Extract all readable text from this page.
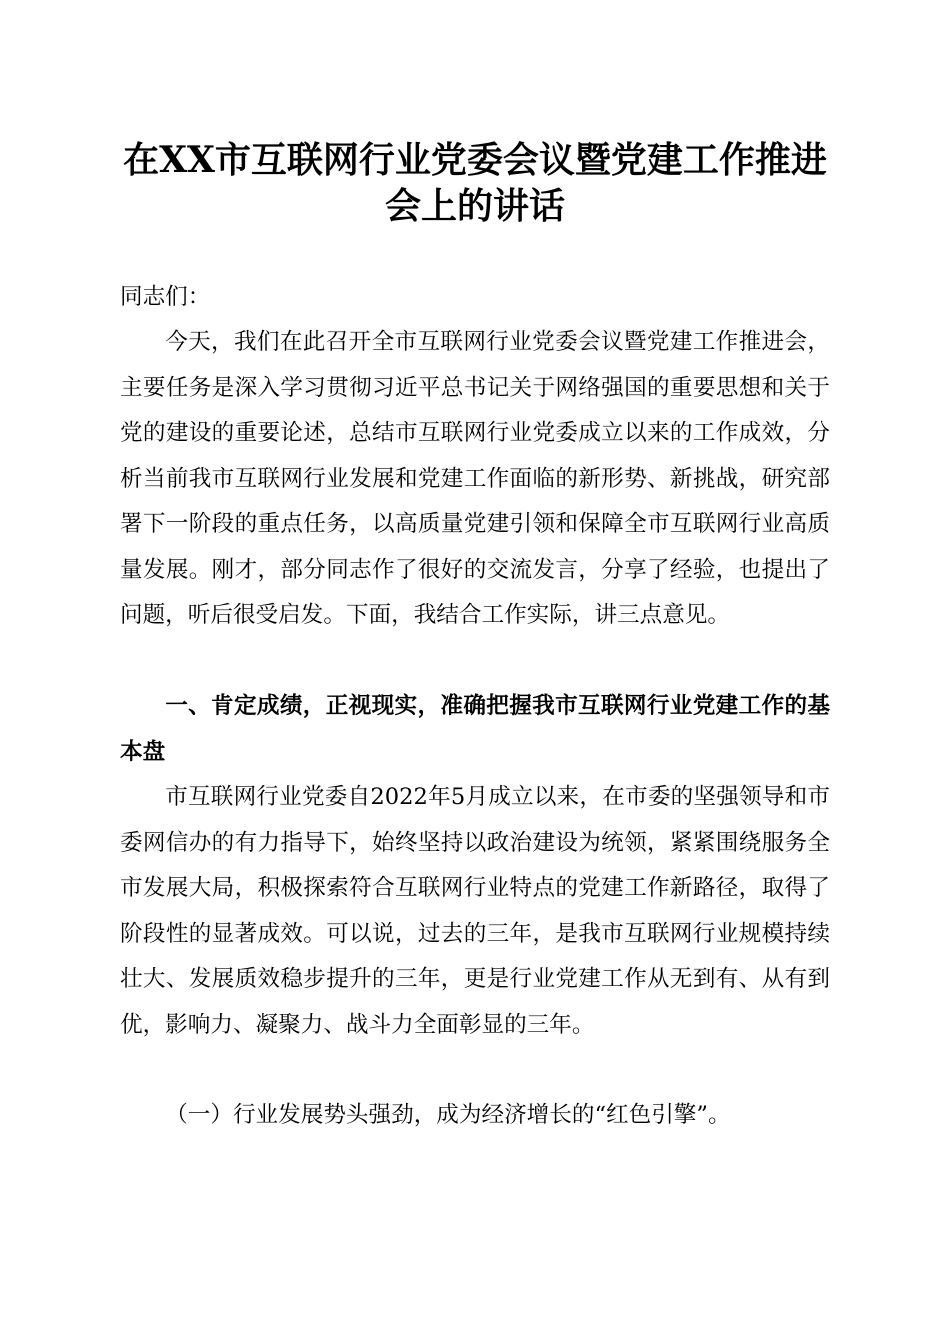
在XX市互联网行业党委会议暨党建工作推进
会上的讲话

同志们：

今天，我们在此召开全市互联网行业党委会议暨党建工作推进会，主要任务是深入学习贯彻习近平总书记关于网络强国的重要思想和关于党的建设的重要论述，总结市互联网行业党委成立以来的工作成效，分析当前我市互联网行业发展和党建工作面临的新形势、新挑战，研究部署下一阶段的重点任务，以高质量党建引领和保障全市互联网行业高质量发展。刚才，部分同志作了很好的交流发言，分享了经验，也提出了问题，听后很受启发。下面，我结合工作实际，讲三点意见。

一、肯定成绩，正视现实，准确把握我市互联网行业党建工作的基本盘

市互联网行业党委自2022年5月成立以来，在市委的坚强领导和市委网信办的有力指导下，始终坚持以政治建设为统领，紧紧围绕服务全市发展大局，积极探索符合互联网行业特点的党建工作新路径，取得了阶段性的显著成效。可以说，过去的三年，是我市互联网行业规模持续壮大、发展质效稳步提升的三年，更是行业党建工作从无到有、从有到优，影响力、凝聚力、战斗力全面彰显的三年。

（一）行业发展势头强劲，成为经济增长的“红色引擎”。
